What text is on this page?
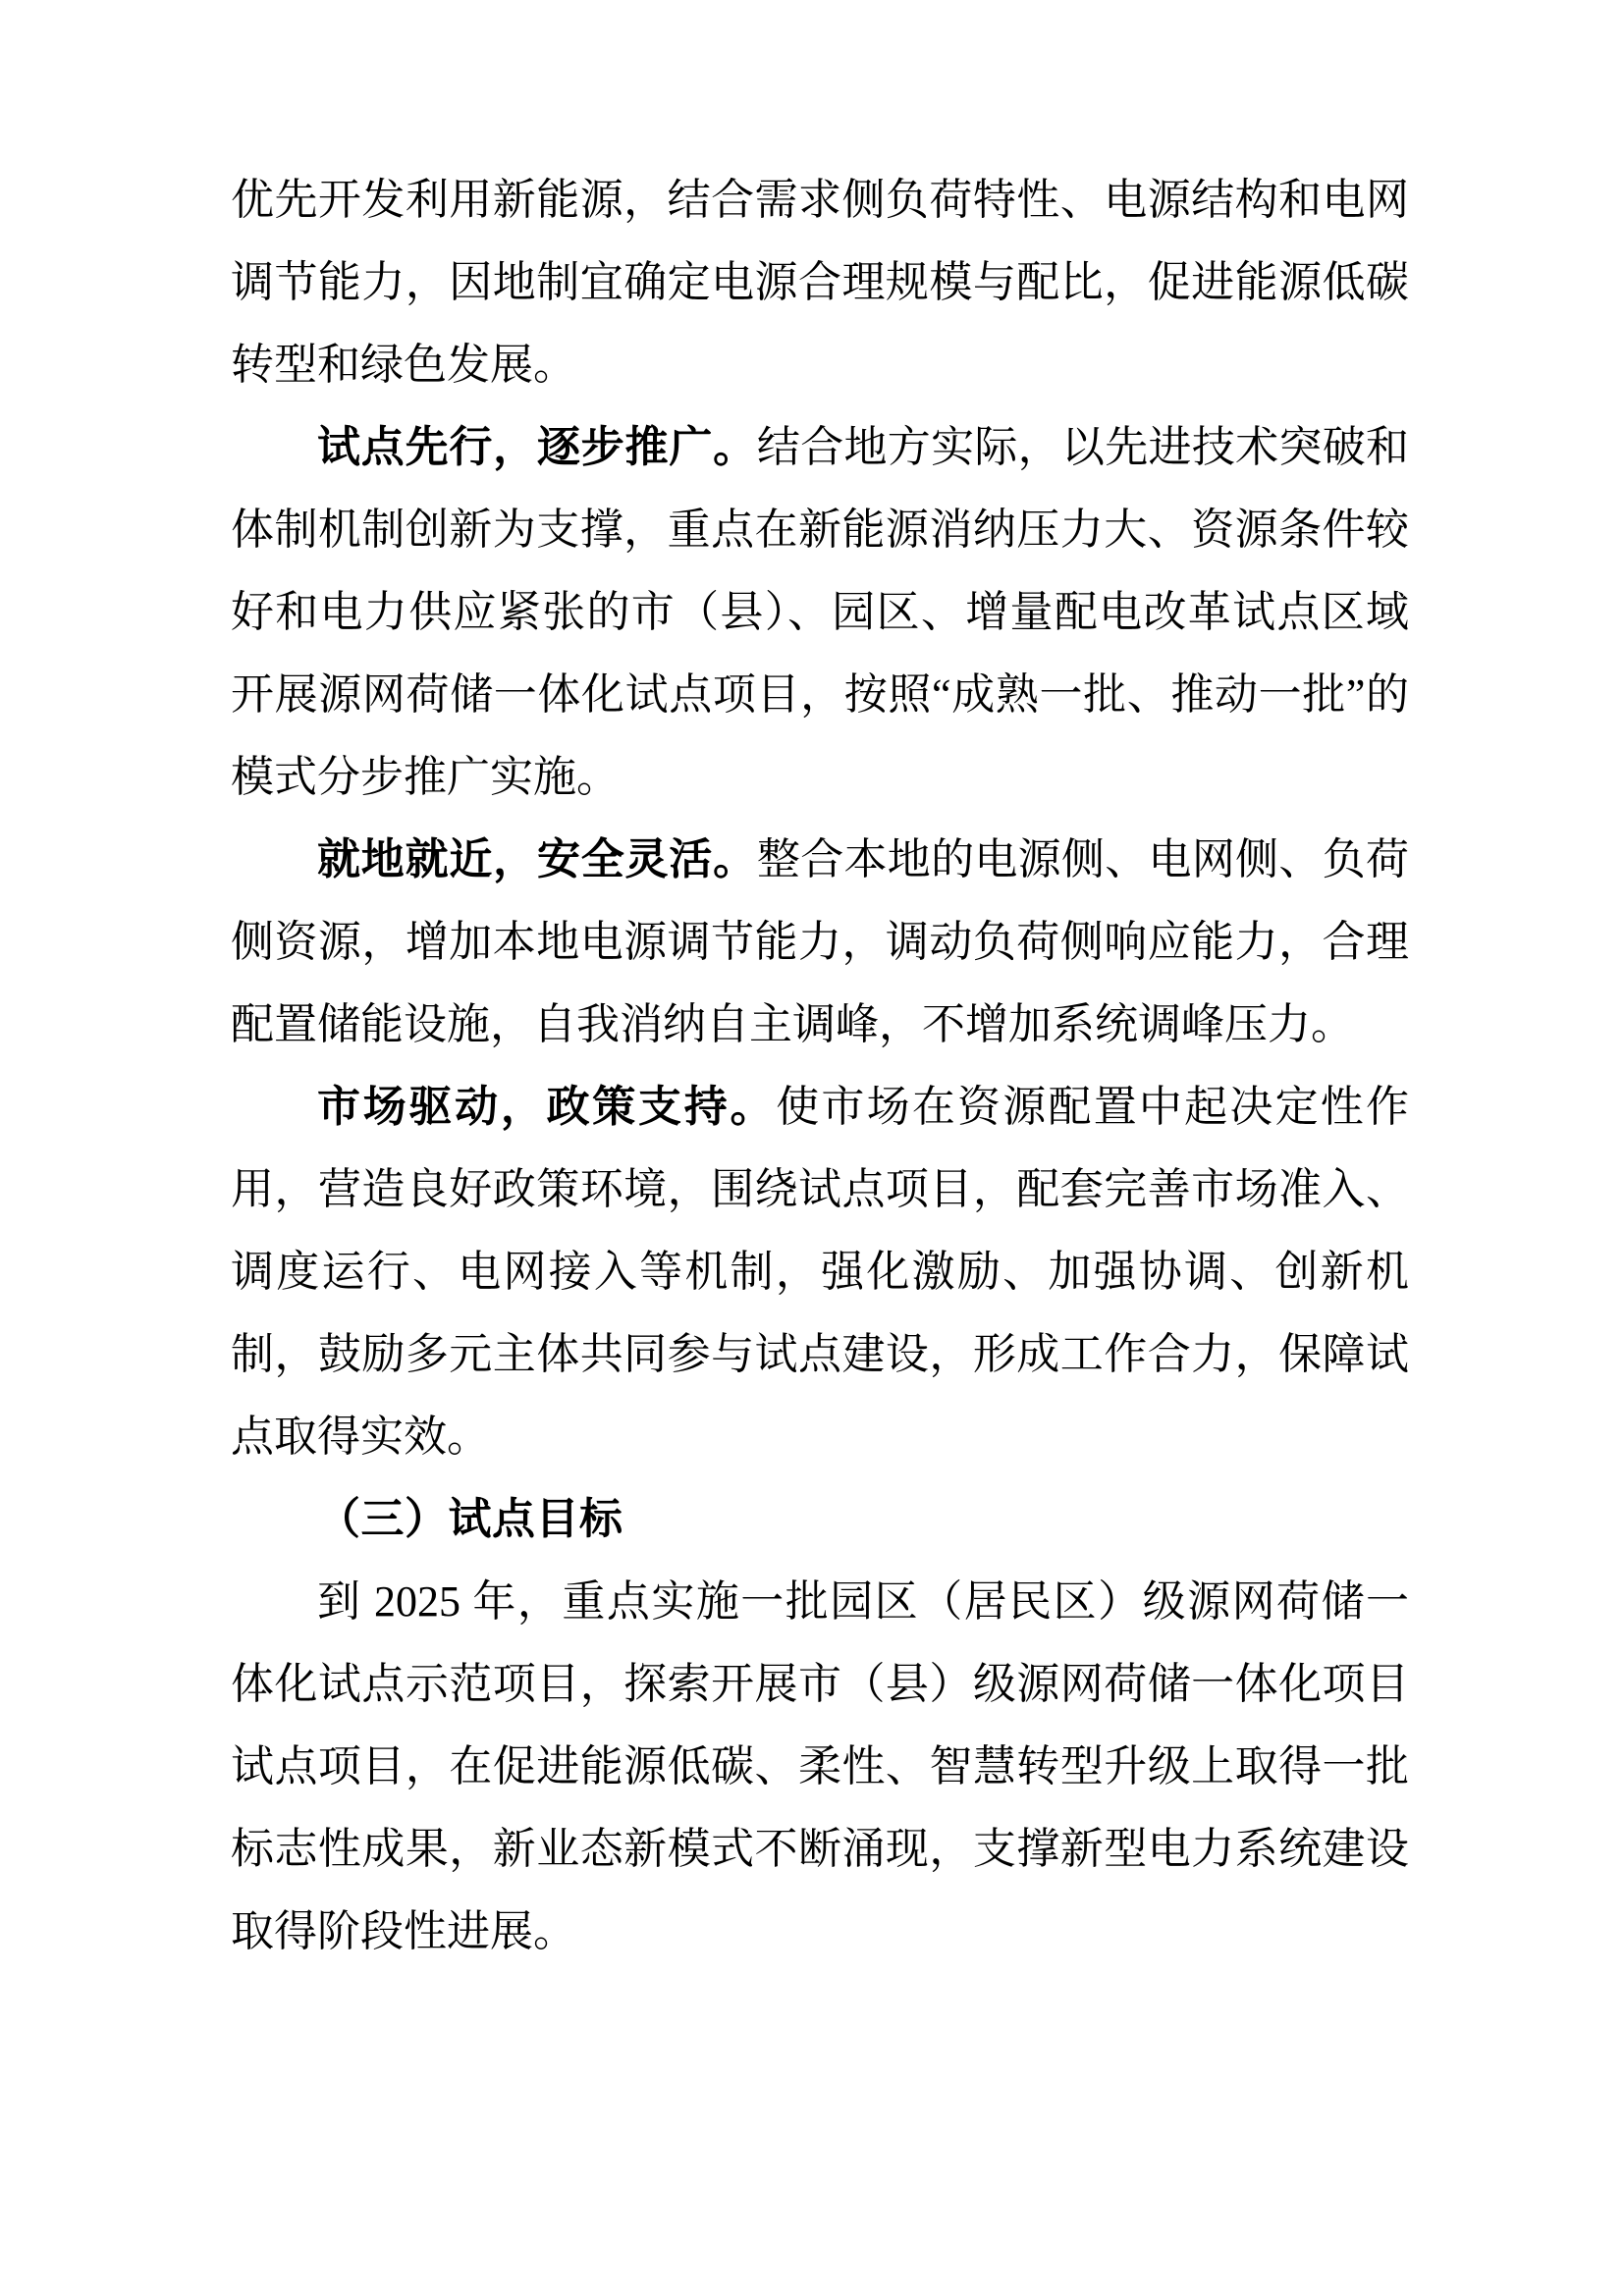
优先开发利用新能源，结合需求侧负荷特性、电源结构和电网调节能力，因地制宜确定电源合理规模与配比，促进能源低碳转型和绿色发展。

试点先行，逐步推广。结合地方实际，以先进技术突破和体制机制创新为支撑，重点在新能源消纳压力大、资源条件较好和电力供应紧张的市（县）、园区、增量配电改革试点区域开展源网荷储一体化试点项目，按照“成熟一批、推动一批”的模式分步推广实施。

就地就近，安全灵活。整合本地的电源侧、电网侧、负荷侧资源，增加本地电源调节能力，调动负荷侧响应能力，合理配置储能设施，自我消纳自主调峰，不增加系统调峰压力。

市场驱动，政策支持。使市场在资源配置中起决定性作用，营造良好政策环境，围绕试点项目，配套完善市场准入、调度运行、电网接入等机制，强化激励、加强协调、创新机制，鼓励多元主体共同参与试点建设，形成工作合力，保障试点取得实效。

（三）试点目标

到 2025 年，重点实施一批园区（居民区）级源网荷储一体化试点示范项目，探索开展市（县）级源网荷储一体化项目试点项目，在促进能源低碳、柔性、智慧转型升级上取得一批标志性成果，新业态新模式不断涌现，支撑新型电力系统建设取得阶段性进展。
